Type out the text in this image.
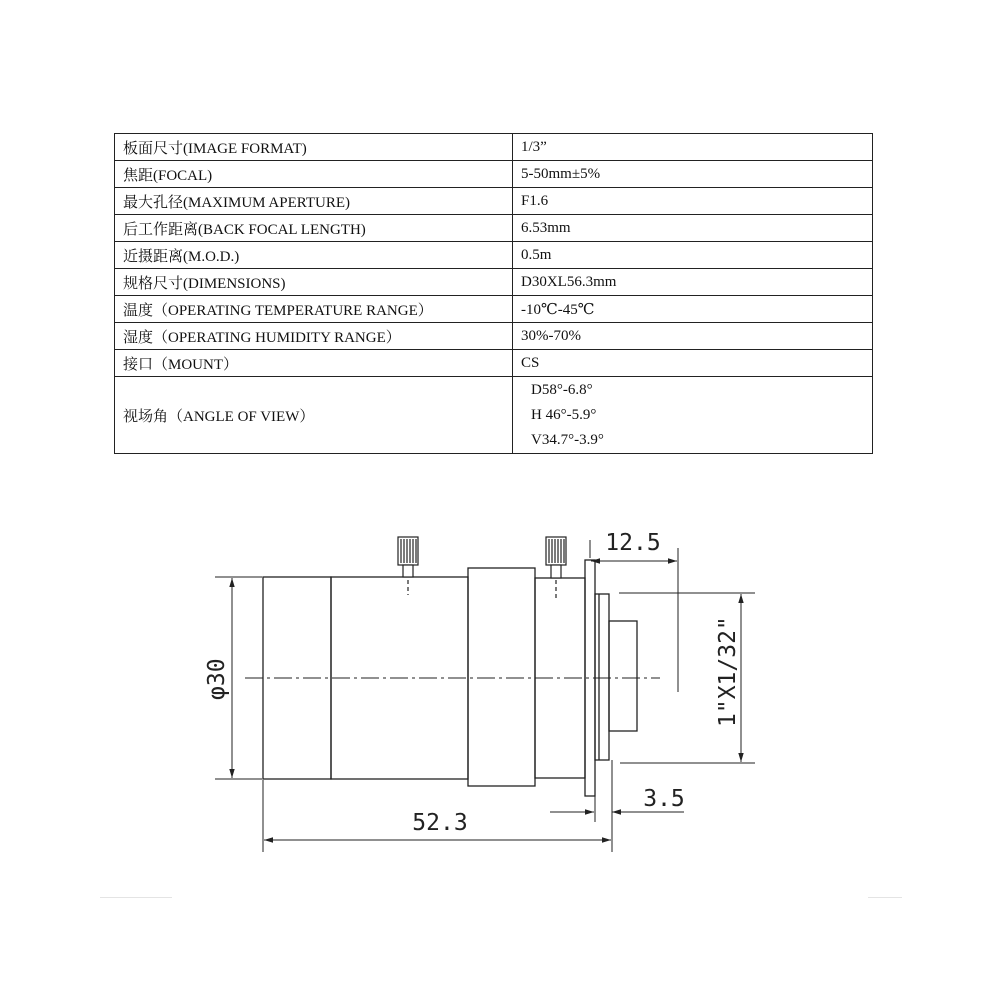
板面尺寸(IMAGE FORMAT)	1/3”
焦距(FOCAL)	5-50mm±5%
最大孔径(MAXIMUM APERTURE)	F1.6
后工作距离(BACK FOCAL LENGTH)	6.53mm
近摄距离(M.O.D.)	0.5m
规格尺寸(DIMENSIONS)	D30XL56.3mm
温度（OPERATING TEMPERATURE RANGE）	-10℃-45℃
湿度（OPERATING HUMIDITY RANGE）	30%-70%
接口（MOUNT）	CS
视场角（ANGLE OF VIEW）	D58°-6.8°
H 46°-5.9°
V34.7°-3.9°
φ30
52.3
12.5
3.5
1"X1/32"
